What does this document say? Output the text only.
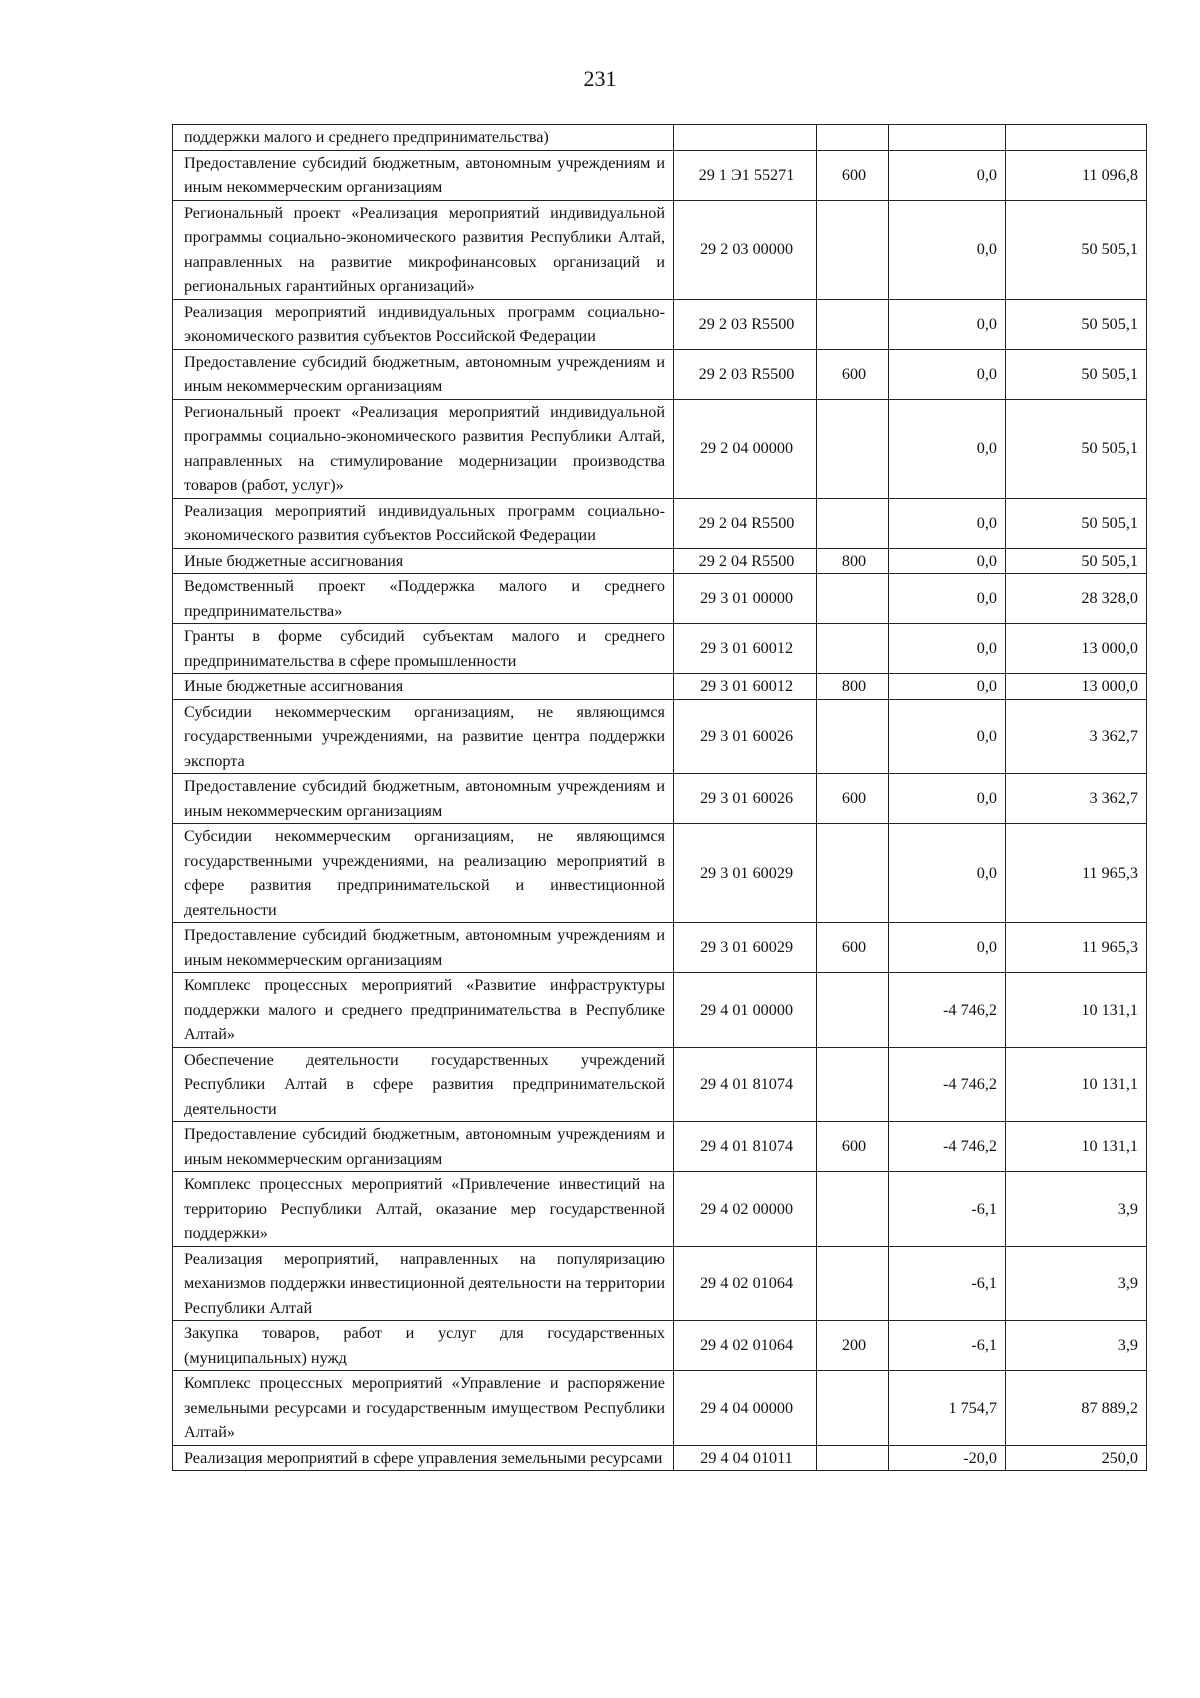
231
поддержки малого и среднего предпринимательства)				
Предоставление субсидий бюджетным, автономным учреждениям и иным некоммерческим организациям	29 1 Э1 55271	600	0,0	11 096,8
Региональный проект «Реализация мероприятий индивидуальной программы социально-экономического развития Республики Алтай, направленных на развитие микрофинансовых организаций и региональных гарантийных организаций»	29 2 03 00000		0,0	50 505,1
Реализация мероприятий индивидуальных программ социально-экономического развития субъектов Российской Федерации	29 2 03 R5500		0,0	50 505,1
Предоставление субсидий бюджетным, автономным учреждениям и иным некоммерческим организациям	29 2 03 R5500	600	0,0	50 505,1
Региональный проект «Реализация мероприятий индивидуальной программы социально-экономического развития Республики Алтай, направленных на стимулирование модернизации производства товаров (работ, услуг)»	29 2 04 00000		0,0	50 505,1
Реализация мероприятий индивидуальных программ социально-экономического развития субъектов Российской Федерации	29 2 04 R5500		0,0	50 505,1
Иные бюджетные ассигнования	29 2 04 R5500	800	0,0	50 505,1
Ведомственный проект «Поддержка малого и среднего предпринимательства»	29 3 01 00000		0,0	28 328,0
Гранты в форме субсидий субъектам малого и среднего предпринимательства в сфере промышленности	29 3 01 60012		0,0	13 000,0
Иные бюджетные ассигнования	29 3 01 60012	800	0,0	13 000,0
Субсидии некоммерческим организациям, не являющимся государственными учреждениями, на развитие центра поддержки экспорта	29 3 01 60026		0,0	3 362,7
Предоставление субсидий бюджетным, автономным учреждениям и иным некоммерческим организациям	29 3 01 60026	600	0,0	3 362,7
Субсидии некоммерческим организациям, не являющимся государственными учреждениями, на реализацию мероприятий в сфере развития предпринимательской и инвестиционной деятельности	29 3 01 60029		0,0	11 965,3
Предоставление субсидий бюджетным, автономным учреждениям и иным некоммерческим организациям	29 3 01 60029	600	0,0	11 965,3
Комплекс процессных мероприятий «Развитие инфраструктуры поддержки малого и среднего предпринимательства в Республике Алтай»	29 4 01 00000		-4 746,2	10 131,1
Обеспечение деятельности государственных учреждений Республики Алтай в сфере развития предпринимательской деятельности	29 4 01 81074		-4 746,2	10 131,1
Предоставление субсидий бюджетным, автономным учреждениям и иным некоммерческим организациям	29 4 01 81074	600	-4 746,2	10 131,1
Комплекс процессных мероприятий «Привлечение инвестиций на территорию Республики Алтай, оказание мер государственной поддержки»	29 4 02 00000		-6,1	3,9
Реализация мероприятий, направленных на популяризацию механизмов поддержки инвестиционной деятельности на территории Республики Алтай	29 4 02 01064		-6,1	3,9
Закупка товаров, работ и услуг для государственных (муниципальных) нужд	29 4 02 01064	200	-6,1	3,9
Комплекс процессных мероприятий «Управление и распоряжение земельными ресурсами и государственным имуществом Республики Алтай»	29 4 04 00000		1 754,7	87 889,2
Реализация мероприятий в сфере управления земельными ресурсами	29 4 04 01011		-20,0	250,0
